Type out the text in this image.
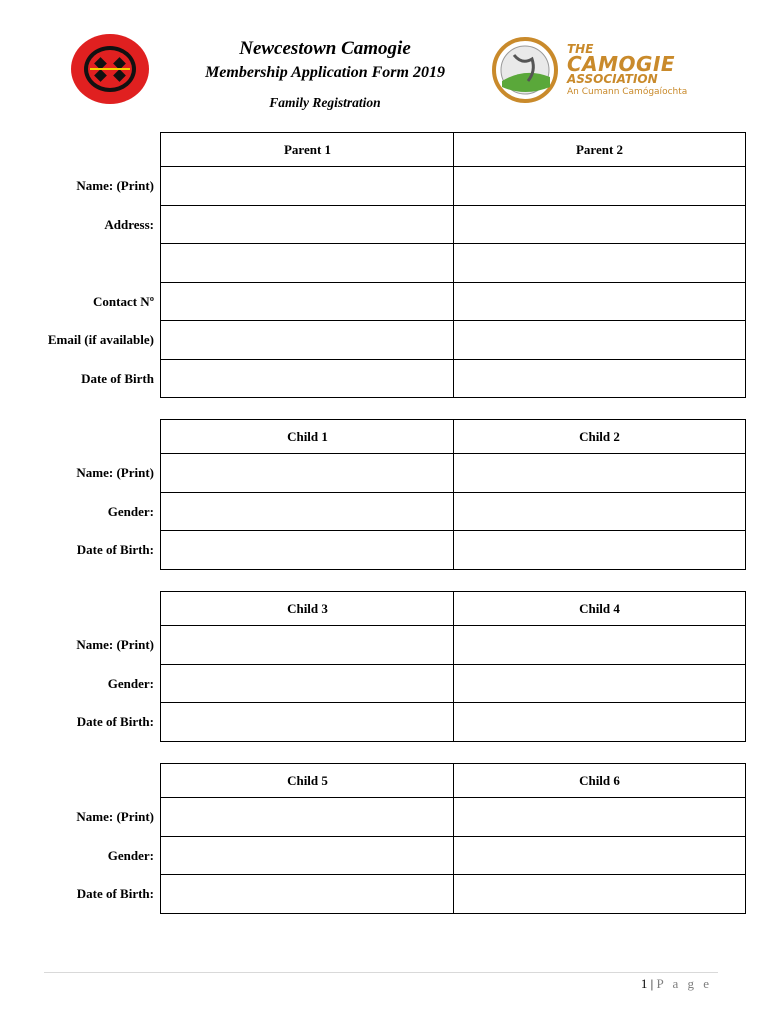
THE
CAMOGIE
ASSOCIATION
An Cumann Camógaíochta
Newcestown Camogie
Membership Application Form 2019
Family Registration
Parent 1	Parent 2
Name: (Print)
Address:
Contact Nº
Email (if available)
Date of Birth
Child 1	Child 2
Name: (Print)
Gender:
Date of Birth:
Child 3	Child 4
Name: (Print)
Gender:
Date of Birth:
Child 5	Child 6
Name: (Print)
Gender:
Date of Birth:
1 | P a g e
